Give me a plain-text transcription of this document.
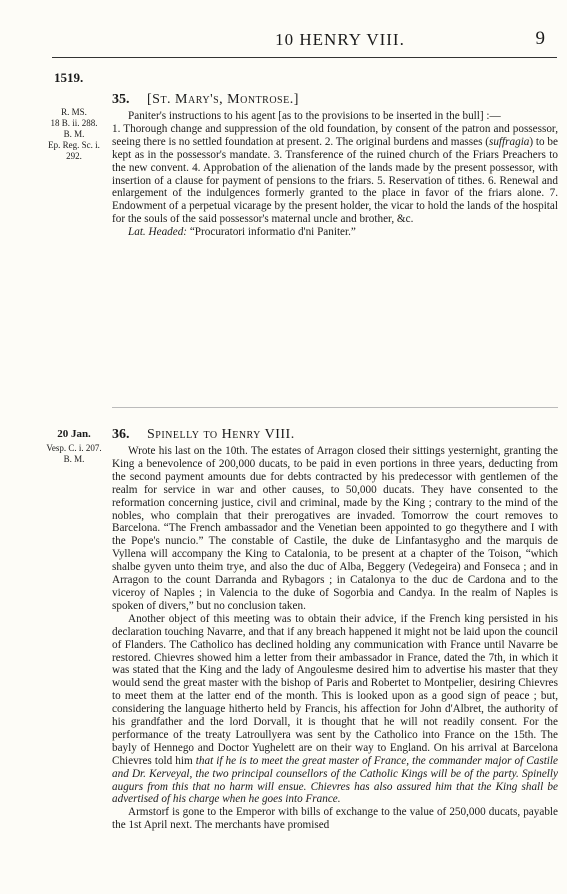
10 HENRY VIII.	9
1519.
R. MS.
18 B. ii. 288.
B. M.
Ep. Reg. Sc. i.
292.
35. [St. Mary's, Montrose.]

Paniter's instructions to his agent [as to the provisions to be inserted in the bull] :—

1. Thorough change and suppression of the old foundation, by consent of the patron and possessor, seeing there is no settled foundation at present. 2. The original burdens and masses (suffragia) to be kept as in the possessor's mandate. 3. Transference of the ruined church of the Friars Preachers to the new convent. 4. Approbation of the alienation of the lands made by the present possessor, with insertion of a clause for payment of pensions to the friars. 5. Reservation of tithes. 6. Renewal and enlargement of the indulgences formerly granted to the place in favor of the friars alone. 7. Endowment of a perpetual vicarage by the present holder, the vicar to hold the lands of the hospital for the souls of the said possessor's maternal uncle and brother, &c.

Lat. Headed: “Procuratori informatio d'ni Paniter.”

20 Jan.
Vesp. C. i. 207.
B. M.
36. Spinelly to Henry VIII.

Wrote his last on the 10th. The estates of Arragon closed their sittings yesternight, granting the King a benevolence of 200,000 ducats, to be paid in even portions in three years, deducting from the second payment amounts due for debts contracted by his predecessor with gentlemen of the realm for service in war and other causes, to 50,000 ducats. They have consented to the reformation concerning justice, civil and criminal, made by the King ; contrary to the mind of the nobles, who complain that their prerogatives are invaded. Tomorrow the court removes to Barcelona. “The French ambassador and the Venetian been appointed to go thegythere and I with the Pope's nuncio.” The constable of Castile, the duke de Linfantasygho and the marquis de Vyllena will accompany the King to Catalonia, to be present at a chapter of the Toison, “which shalbe gyven unto theim trye, and also the duc of Alba, Beggery (Vedegeira) and Fonseca ; and in Arragon to the count Darranda and Rybagors ; in Catalonya to the duc de Cardona and to the viceroy of Naples ; in Valencia to the duke of Sogorbia and Candya. In the realm of Naples is spoken of divers,” but no conclusion taken.

Another object of this meeting was to obtain their advice, if the French king persisted in his declaration touching Navarre, and that if any breach happened it might not be laid upon the council of Flanders. The Catholico has declined holding any communication with France until Navarre be restored. Chievres showed him a letter from their ambassador in France, dated the 7th, in which it was stated that the King and the lady of Angoulesme desired him to advertise his master that they would send the great master with the bishop of Paris and Robertet to Montpelier, desiring Chievres to meet them at the latter end of the month. This is looked upon as a good sign of peace ; but, considering the language hitherto held by Francis, his affection for John d'Albret, the authority of his grandfather and the lord Dorvall, it is thought that he will not readily consent. For the performance of the treaty Latroullyera was sent by the Catholico into France on the 15th. The bayly of Hennego and Doctor Yughelett are on their way to England. On his arrival at Barcelona Chievres told him that if he is to meet the great master of France, the commander major of Castile and Dr. Kerveyal, the two principal counsellors of the Catholic Kings will be of the party. Spinelly augurs from this that no harm will ensue. Chievres has also assured him that the King shall be advertised of his charge when he goes into France.

Armstorf is gone to the Emperor with bills of exchange to the value of 250,000 ducats, payable the 1st April next. The merchants have promised
